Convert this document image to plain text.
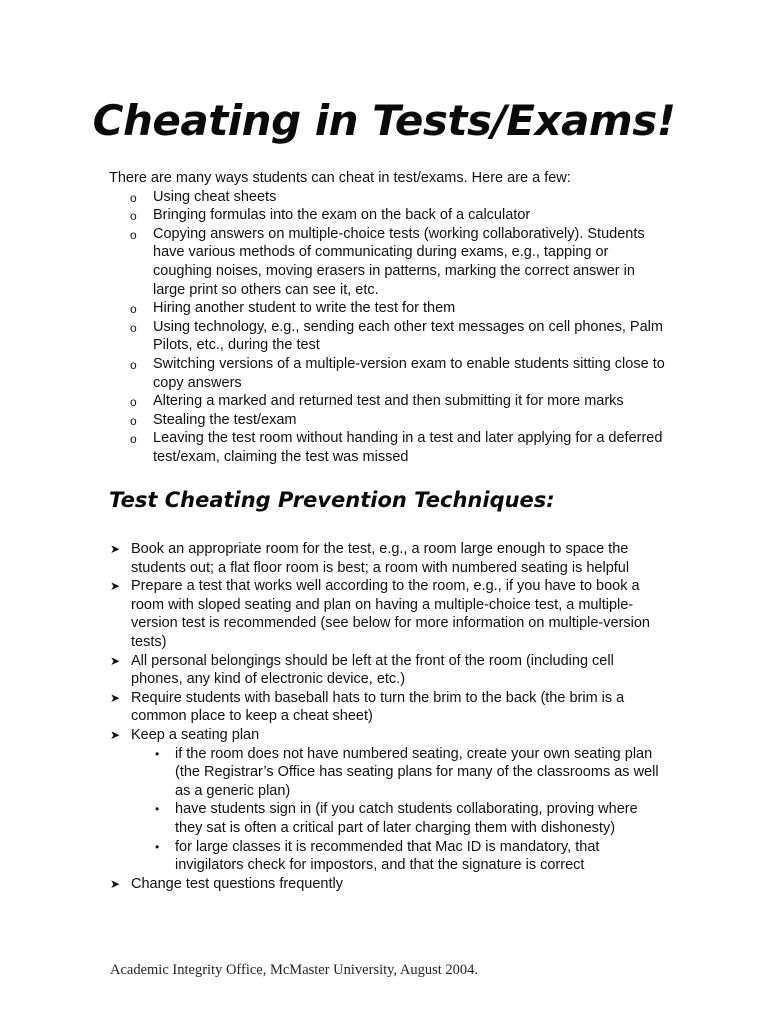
Cheating in Tests/Exams!

There are many ways students can cheat in test/exams. Here are a few:

o Using cheat sheets
o Bringing formulas into the exam on the back of a calculator
o Copying answers on multiple-choice tests (working collaboratively). Students have various methods of communicating during exams, e.g., tapping or coughing noises, moving erasers in patterns, marking the correct answer in large print so others can see it, etc.
o Hiring another student to write the test for them
o Using technology, e.g., sending each other text messages on cell phones, Palm Pilots, etc., during the test
o Switching versions of a multiple-version exam to enable students sitting close to copy answers
o Altering a marked and returned test and then submitting it for more marks
o Stealing the test/exam
o Leaving the test room without handing in a test and later applying for a deferred test/exam, claiming the test was missed
Test Cheating Prevention Techniques:
➤ Book an appropriate room for the test, e.g., a room large enough to space the students out; a flat floor room is best; a room with numbered seating is helpful
➤ Prepare a test that works well according to the room, e.g., if you have to book a room with sloped seating and plan on having a multiple-choice test, a multiple-version test is recommended (see below for more information on multiple-version tests)
➤ All personal belongings should be left at the front of the room (including cell phones, any kind of electronic device, etc.)
➤ Require students with baseball hats to turn the brim to the back (the brim is a common place to keep a cheat sheet)
➤ Keep a seating plan
• if the room does not have numbered seating, create your own seating plan (the Registrar’s Office has seating plans for many of the classrooms as well as a generic plan)
• have students sign in (if you catch students collaborating, proving where they sat is often a critical part of later charging them with dishonesty)
• for large classes it is recommended that Mac ID is mandatory, that invigilators check for impostors, and that the signature is correct
➤ Change test questions frequently

Academic Integrity Office, McMaster University, August 2004.
